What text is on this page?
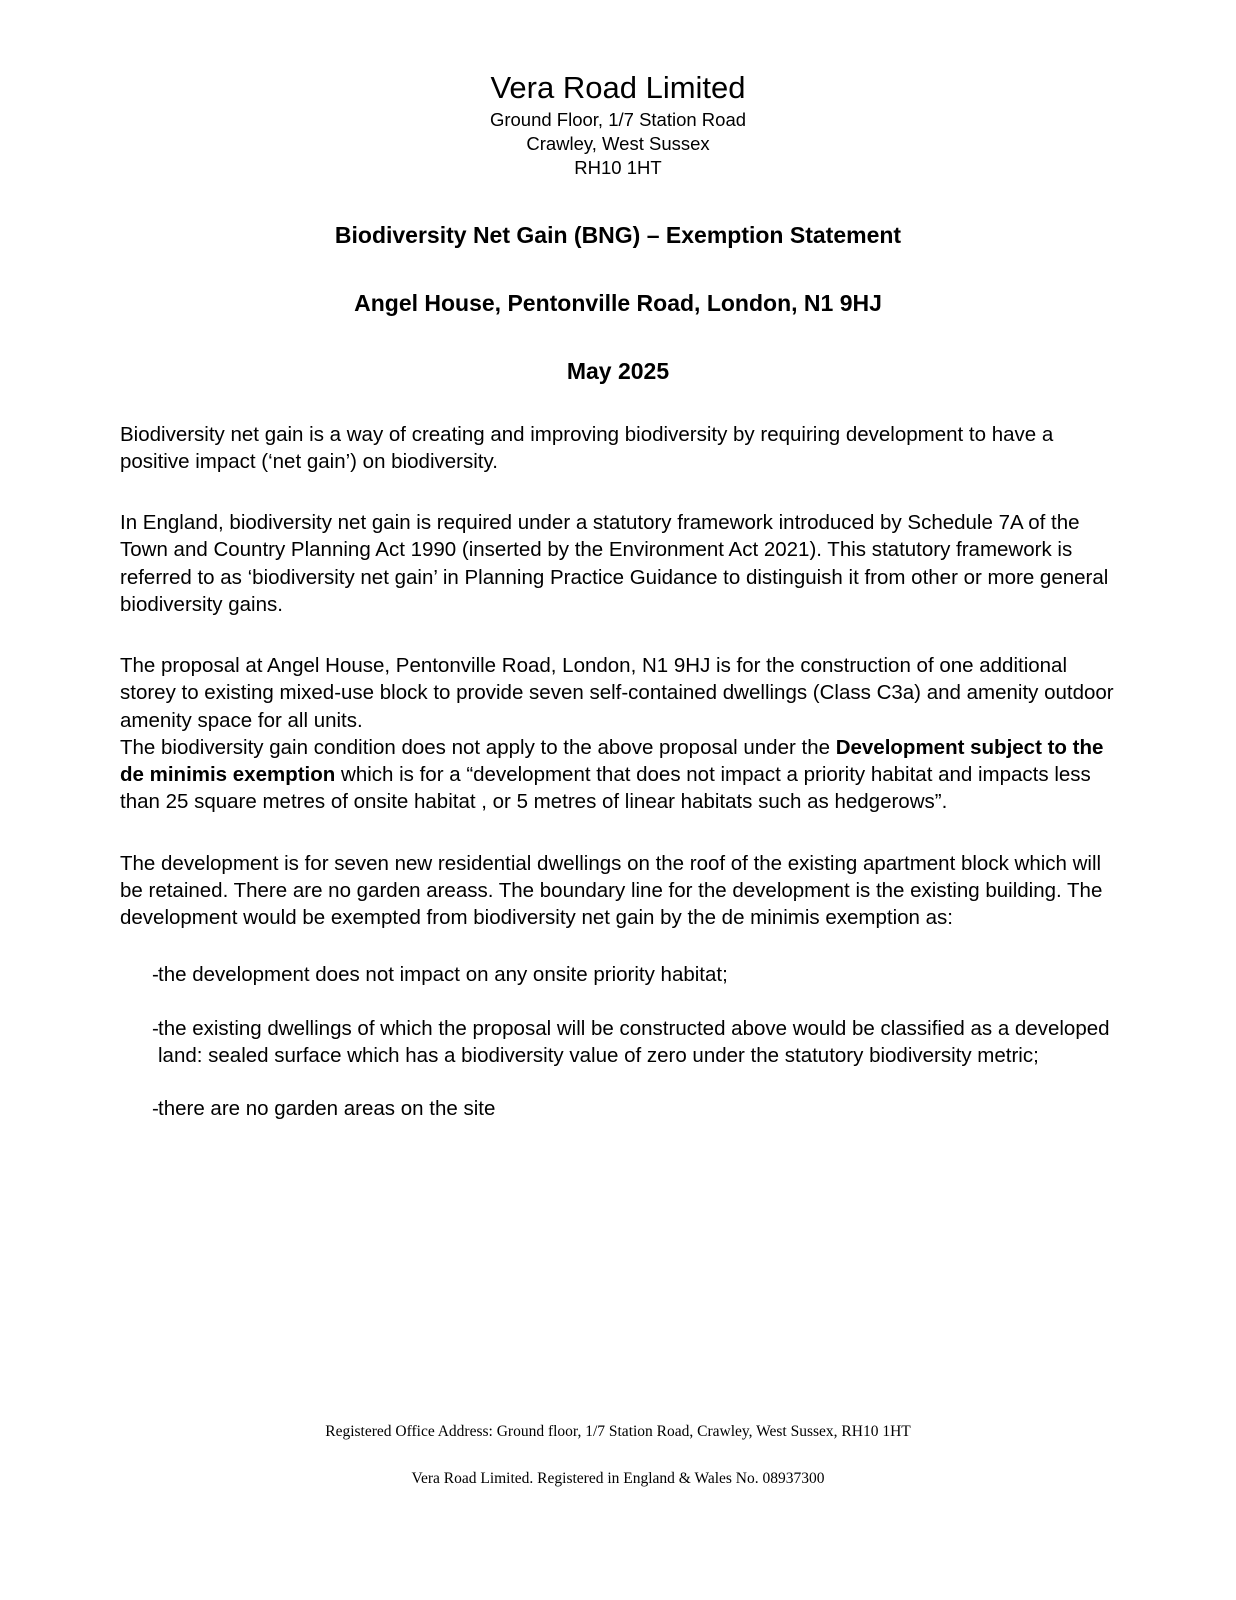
Vera Road Limited
Ground Floor, 1/7 Station Road
Crawley, West Sussex
RH10 1HT
Biodiversity Net Gain (BNG) – Exemption Statement
Angel House, Pentonville Road, London, N1 9HJ
May 2025

Biodiversity net gain is a way of creating and improving biodiversity by requiring development to have a positive impact (‘net gain’) on biodiversity.

In England, biodiversity net gain is required under a statutory framework introduced by Schedule 7A of the Town and Country Planning Act 1990 (inserted by the Environment Act 2021). This statutory framework is referred to as ‘biodiversity net gain’ in Planning Practice Guidance to distinguish it from other or more general biodiversity gains.

The proposal at Angel House, Pentonville Road, London, N1 9HJ is for the construction of one additional storey to existing mixed-use block to provide seven self-contained dwellings (Class C3a) and amenity outdoor amenity space for all units.

The biodiversity gain condition does not apply to the above proposal under the Development subject to the de minimis exemption which is for a “development that does not impact a priority habitat and impacts less than 25 square metres of onsite habitat , or 5 metres of linear habitats such as hedgerows”.

The development is for seven new residential dwellings on the roof of the existing apartment block which will be retained. There are no garden areass. The boundary line for the development is the existing building. The development would be exempted from biodiversity net gain by the de minimis exemption as:

- the development does not impact on any onsite priority habitat;
- the existing dwellings of which the proposal will be constructed above would be classified as a developed land: sealed surface which has a biodiversity value of zero under the statutory biodiversity metric;
- there are no garden areas on the site
Registered Office Address: Ground floor, 1/7 Station Road, Crawley, West Sussex, RH10 1HT
Vera Road Limited. Registered in England & Wales No. 08937300
